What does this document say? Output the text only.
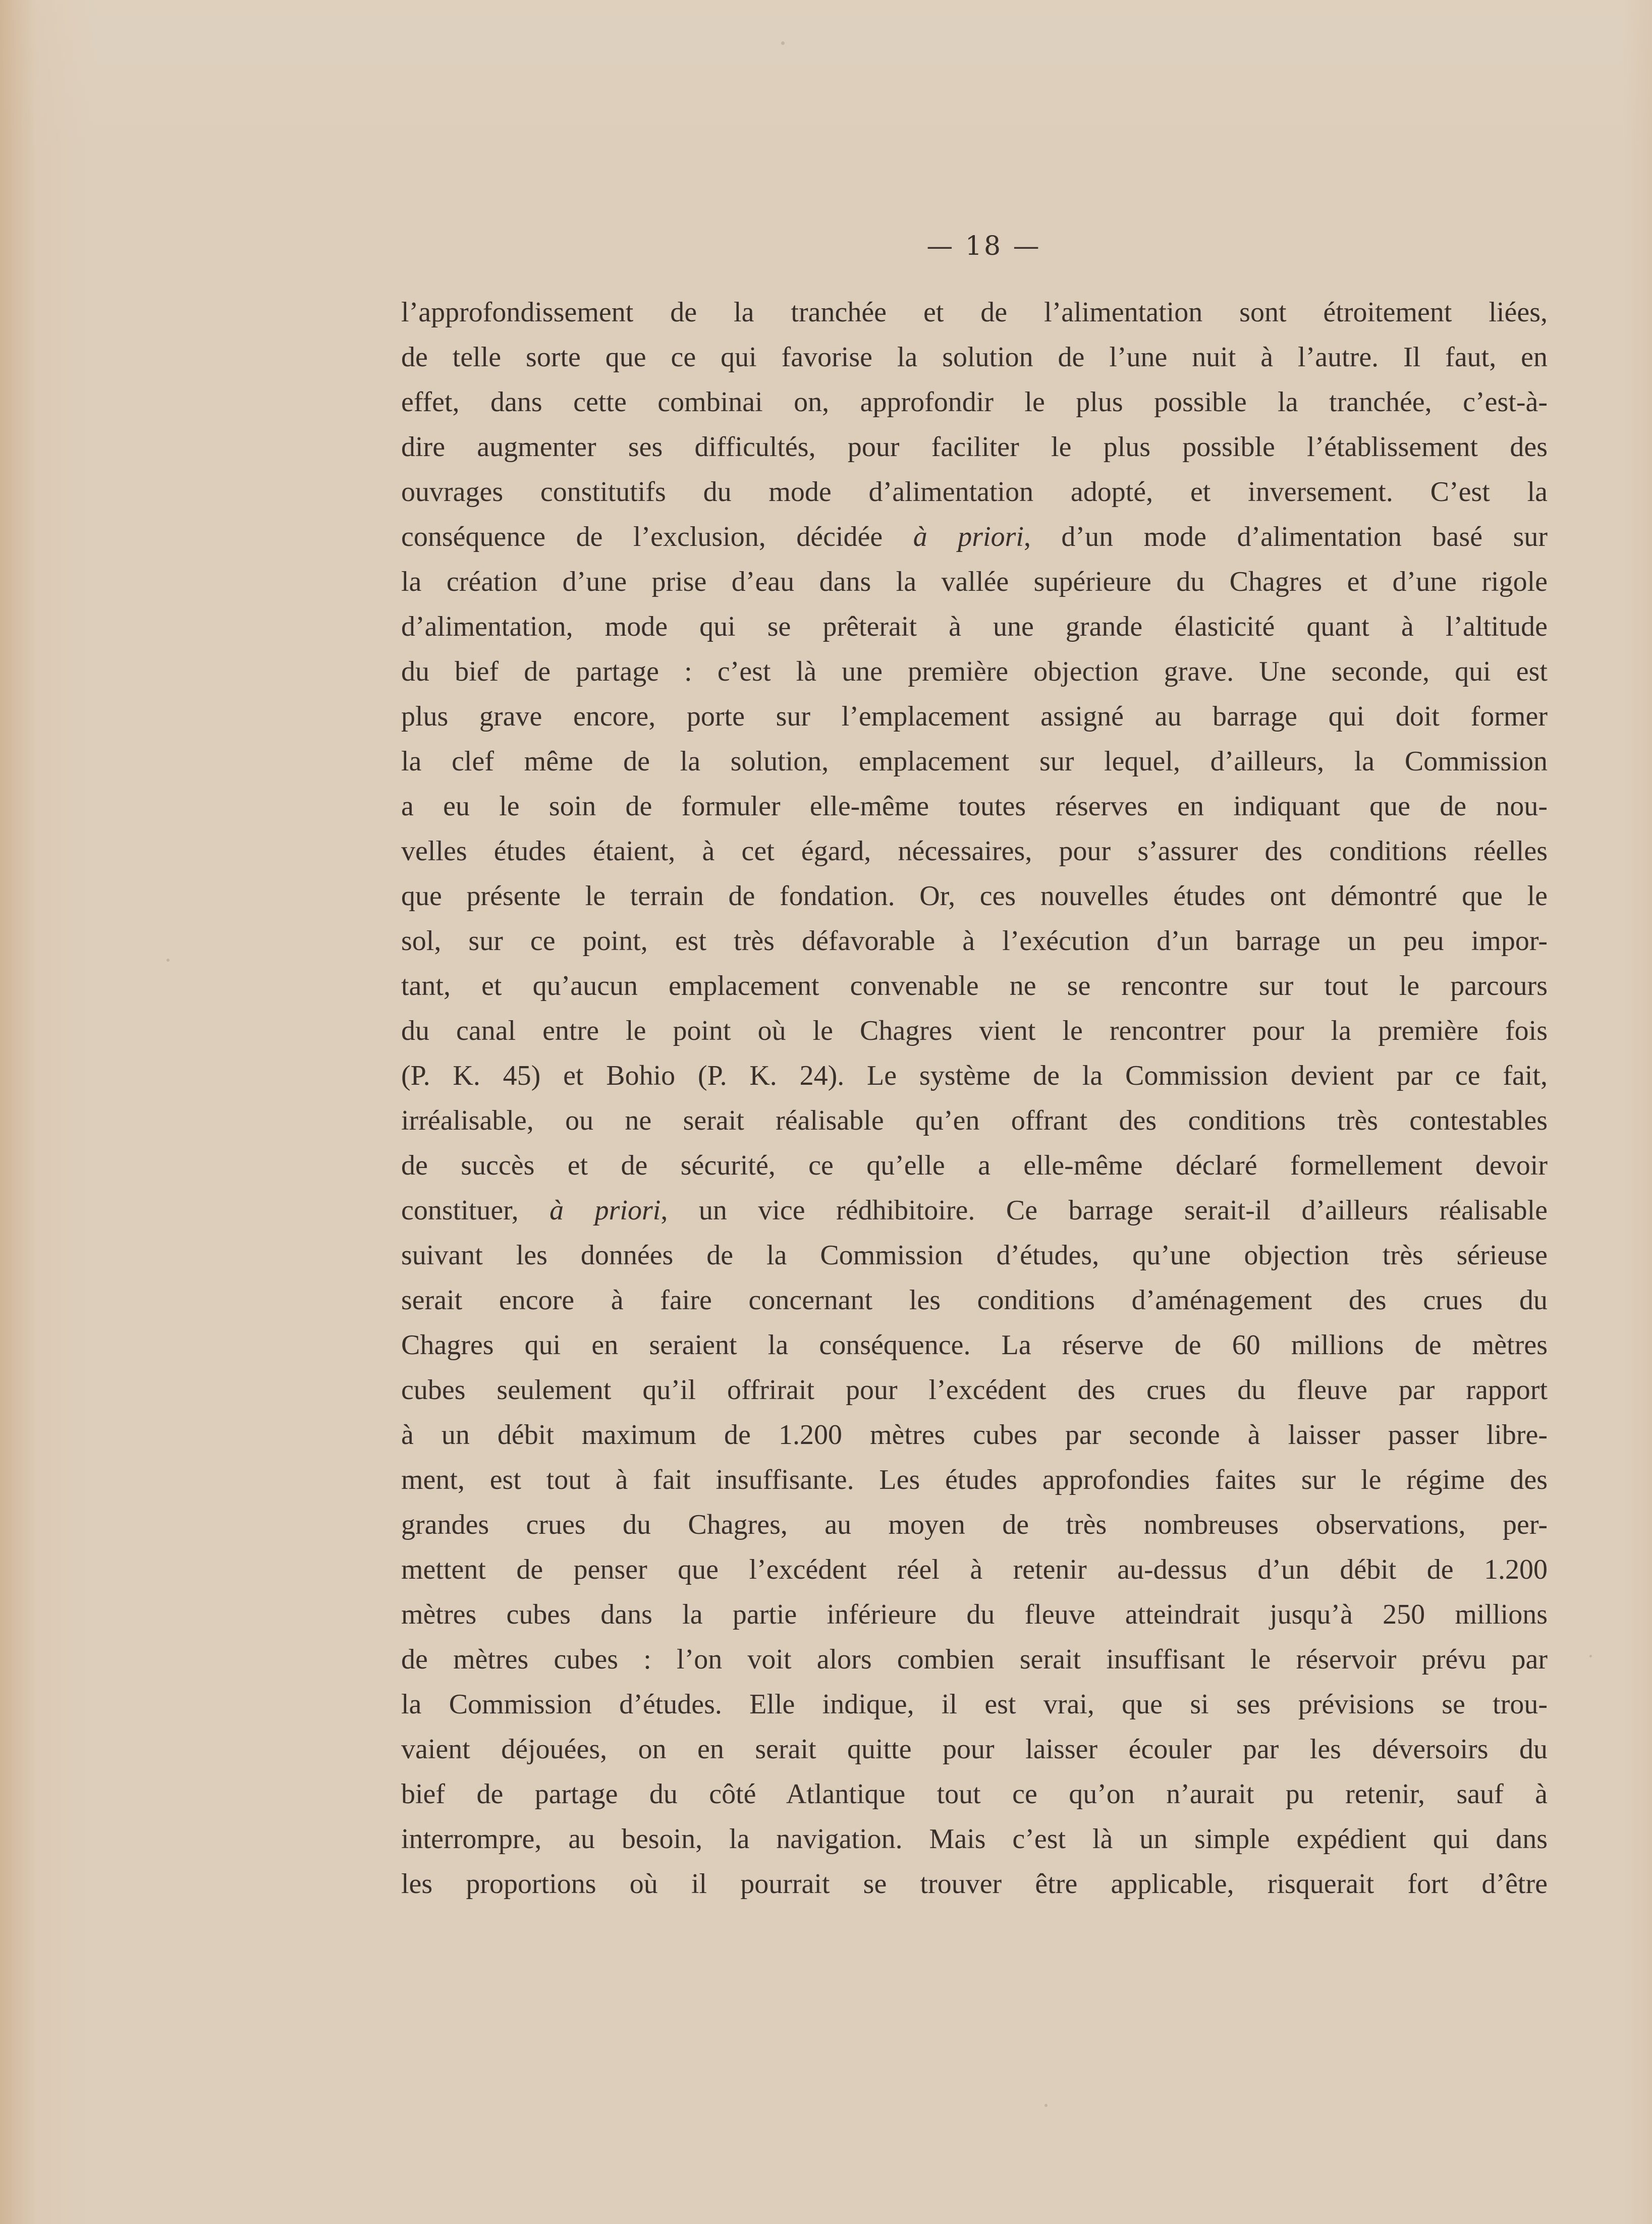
— 18 —
l’approfondissement de la tranchée et de l’alimentation sont étroitement liées,
de telle sorte que ce qui favorise la solution de l’une nuit à l’autre. Il faut, en
effet, dans cette combinai on, approfondir le plus possible la tranchée, c’est-à-
dire augmenter ses difficultés, pour faciliter le plus possible l’établissement des
ouvrages constitutifs du mode d’alimentation adopté, et inversement. C’est la
conséquence de l’exclusion, décidée à priori, d’un mode d’alimentation basé sur
la création d’une prise d’eau dans la vallée supérieure du Chagres et d’une rigole
d’alimentation, mode qui se prêterait à une grande élasticité quant à l’altitude
du bief de partage : c’est là une première objection grave. Une seconde, qui est
plus grave encore, porte sur l’emplacement assigné au barrage qui doit former
la clef même de la solution, emplacement sur lequel, d’ailleurs, la Commission
a eu le soin de formuler elle-même toutes réserves en indiquant que de nou-
velles études étaient, à cet égard, nécessaires, pour s’assurer des conditions réelles
que présente le terrain de fondation. Or, ces nouvelles études ont démontré que le
sol, sur ce point, est très défavorable à l’exécution d’un barrage un peu impor-
tant, et qu’aucun emplacement convenable ne se rencontre sur tout le parcours
du canal entre le point où le Chagres vient le rencontrer pour la première fois
(P. K. 45) et Bohio (P. K. 24). Le système de la Commission devient par ce fait,
irréalisable, ou ne serait réalisable qu’en offrant des conditions très contestables
de succès et de sécurité, ce qu’elle a elle-même déclaré formellement devoir
constituer, à priori, un vice rédhibitoire. Ce barrage serait-il d’ailleurs réalisable
suivant les données de la Commission d’études, qu’une objection très sérieuse
serait encore à faire concernant les conditions d’aménagement des crues du
Chagres qui en seraient la conséquence. La réserve de 60 millions de mètres
cubes seulement qu’il offrirait pour l’excédent des crues du fleuve par rapport
à un débit maximum de 1.200 mètres cubes par seconde à laisser passer libre-
ment, est tout à fait insuffisante. Les études approfondies faites sur le régime des
grandes crues du Chagres, au moyen de très nombreuses observations, per-
mettent de penser que l’excédent réel à retenir au-dessus d’un débit de 1.200
mètres cubes dans la partie inférieure du fleuve atteindrait jusqu’à 250 millions
de mètres cubes : l’on voit alors combien serait insuffisant le réservoir prévu par
la Commission d’études. Elle indique, il est vrai, que si ses prévisions se trou-
vaient déjouées, on en serait quitte pour laisser écouler par les déversoirs du
bief de partage du côté Atlantique tout ce qu’on n’aurait pu retenir, sauf à
interrompre, au besoin, la navigation. Mais c’est là un simple expédient qui dans
les proportions où il pourrait se trouver être applicable, risquerait fort d’être
